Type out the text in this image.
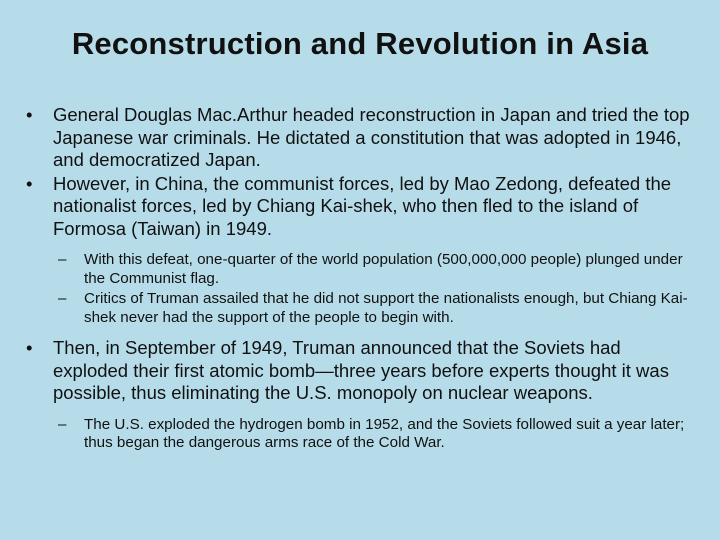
Reconstruction and Revolution in Asia
•	General Douglas Mac.Arthur headed reconstruction in Japan and tried the top Japanese war criminals. He dictated a constitution that was adopted in 1946, and democratized Japan.
•	However, in China, the communist forces, led by Mao Zedong, defeated the nationalist forces, led by Chiang Kai-shek, who then fled to the island of Formosa (Taiwan) in 1949.
– With this defeat, one-quarter of the world population (500,000,000 people) plunged under the Communist flag.
– Critics of Truman assailed that he did not support the nationalists enough, but Chiang Kai-shek never had the support of the people to begin with.
•	Then, in September of 1949, Truman announced that the Soviets had exploded their first atomic bomb—three years before experts thought it was possible, thus eliminating the U.S. monopoly on nuclear weapons.
– The U.S. exploded the hydrogen bomb in 1952, and the Soviets followed suit a year later; thus began the dangerous arms race of the Cold War.
